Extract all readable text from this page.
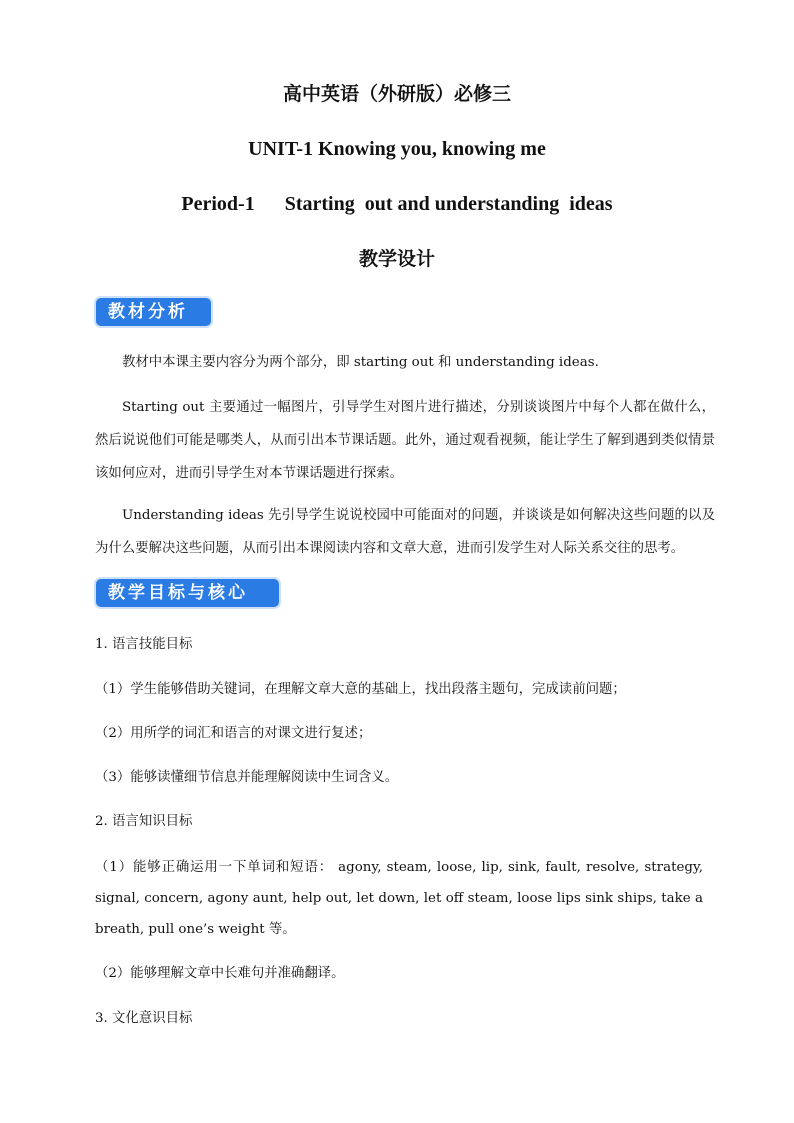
高中英语（外研版）必修三
UNIT-1 Knowing you, knowing me
Period-1      Starting  out and understanding  ideas
教学设计
教材分析

教材中本课主要内容分为两个部分，即 starting out 和 understanding ideas.

Starting out 主要通过一幅图片，引导学生对图片进行描述，分别谈谈图片中每个人都在做什么，然后说说他们可能是哪类人，从而引出本节课话题。此外，通过观看视频，能让学生了解到遇到类似情景该如何应对，进而引导学生对本节课话题进行探索。

Understanding ideas 先引导学生说说校园中可能面对的问题，并谈谈是如何解决这些问题的以及为什么要解决这些问题，从而引出本课阅读内容和文章大意，进而引发学生对人际关系交往的思考。

教学目标与核心素养

1. 语言技能目标

（1）学生能够借助关键词，在理解文章大意的基础上，找出段落主题句，完成读前问题；

（2）用所学的词汇和语言的对课文进行复述；

（3）能够读懂细节信息并能理解阅读中生词含义。

2. 语言知识目标

（1）能够正确运用一下单词和短语： agony, steam, loose, lip, sink, fault, resolve, strategy, signal, concern, agony aunt, help out, let down, let off steam, loose lips sink ships, take a breath, pull one’s weight 等。

（2）能够理解文章中长难句并准确翻译。

3. 文化意识目标
